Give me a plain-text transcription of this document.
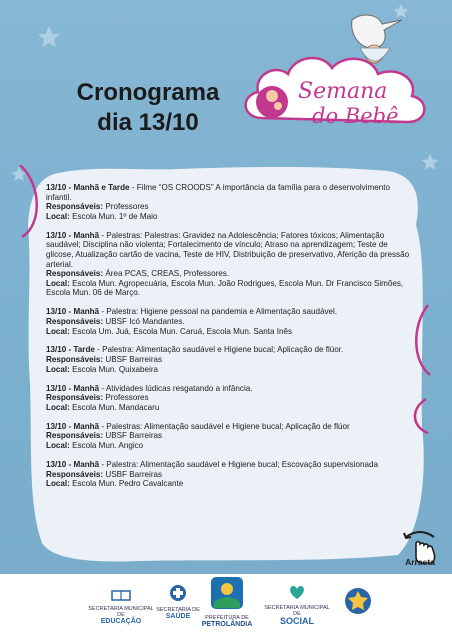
Cronograma
dia 13/10
Semana
do Bebê
13/10 - Manhã e Tarde - Filme “OS CROODS” A importância da família para o desenvolvimento infantil.
Responsáveis: Professores
Local: Escola Mun. 1º de Maio
13/10 - Manhã - Palestras: Palestras: Gravidez na Adolescência; Fatores tóxicos; Alimentação saudável; Disciplina não violenta; Fortalecimento de vínculo; Atraso na aprendizagem; Teste de glicose, Atualização cartão de vacina, Teste de HIV, Distribuição de preservativo, Aferição da pressão arterial.
Responsáveis: Área PCAS, CREAS, Professores.
Local: Escola Mun. Agropecuária, Escola Mun. João Rodrigues, Escola Mun. Dr Francisco Simões, Escola Mun. 06 de Março.
13/10 - Manhã - Palestra: Higiene pessoal na pandemia e Alimentação saudável.
Responsáveis: UBSF Icó Mandantes.
Local: Escola Um. Juá, Escola Mun. Caruá, Escola Mun. Santa Inês
13/10 - Tarde - Palestra: Alimentação saudável e Higiene bucal; Aplicação de flúor.
Responsáveis: UBSF Barreiras
Local: Escola Mun. Quixabeira
13/10 - Manhã - Atividades lúdicas resgatando a infância.
Responsáveis: Professores
Local: Escola Mun. Mandacaru
13/10 - Manhã - Palestras: Alimentação saudável e Higiene bucal; Aplicação de flúor
Responsáveis: UBSF Barreiras
Local: Escola Mun. Angico
13/10 - Manhã - Palestra: Alimentação saudável e Higiene bucal; Escovação supervisionada
Responsáveis: USBF Barreiras
Local: Escola Mun. Pedro Cavalcante
Arrasta
SECRETARIA MUNICIPAL DE
EDUCAÇÃO
SECRETARIA DE
SAÚDE	PREFEITURA DE
PETROLÂNDIA
SECRETARIA MUNICIPAL DE
SOCIAL
